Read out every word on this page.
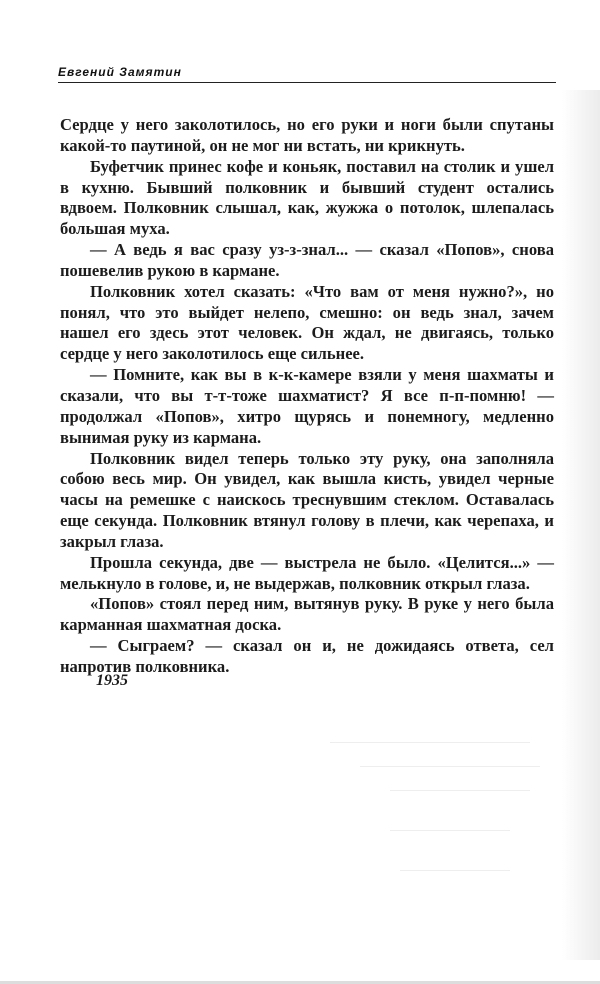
Евгений Замятин

Сердце у него заколотилось, но его руки и ноги были спутаны какой-то паутиной, он не мог ни встать, ни крикнуть.

Буфетчик принес кофе и коньяк, поставил на столик и ушел в кухню. Бывший полковник и бывший студент остались вдвоем. Полковник слышал, как, жужжа о потолок, шлепалась большая муха.

— А ведь я вас сразу уз-з-знал... — сказал «Попов», снова пошевелив рукою в кармане.

Полковник хотел сказать: «Что вам от меня нужно?», но понял, что это выйдет нелепо, смешно: он ведь знал, зачем нашел его здесь этот человек. Он ждал, не двигаясь, только сердце у него заколотилось еще сильнее.

— Помните, как вы в к-к-камере взяли у меня шахматы и сказали, что вы т-т-тоже шахматист? Я все п-п-помню! — продолжал «Попов», хитро щурясь и понемногу, медленно вынимая руку из кармана.

Полковник видел теперь только эту руку, она заполняла собою весь мир. Он увидел, как вышла кисть, увидел черные часы на ремешке с наискось треснувшим стеклом. Оставалась еще секунда. Полковник втянул голову в плечи, как черепаха, и закрыл глаза.

Прошла секунда, две — выстрела не было. «Целится...» — мелькнуло в голове, и, не выдержав, полковник открыл глаза.

«Попов» стоял перед ним, вытянув руку. В руке у него была карманная шахматная доска.

— Сыграем? — сказал он и, не дожидаясь ответа, сел напротив полковника.

1935
